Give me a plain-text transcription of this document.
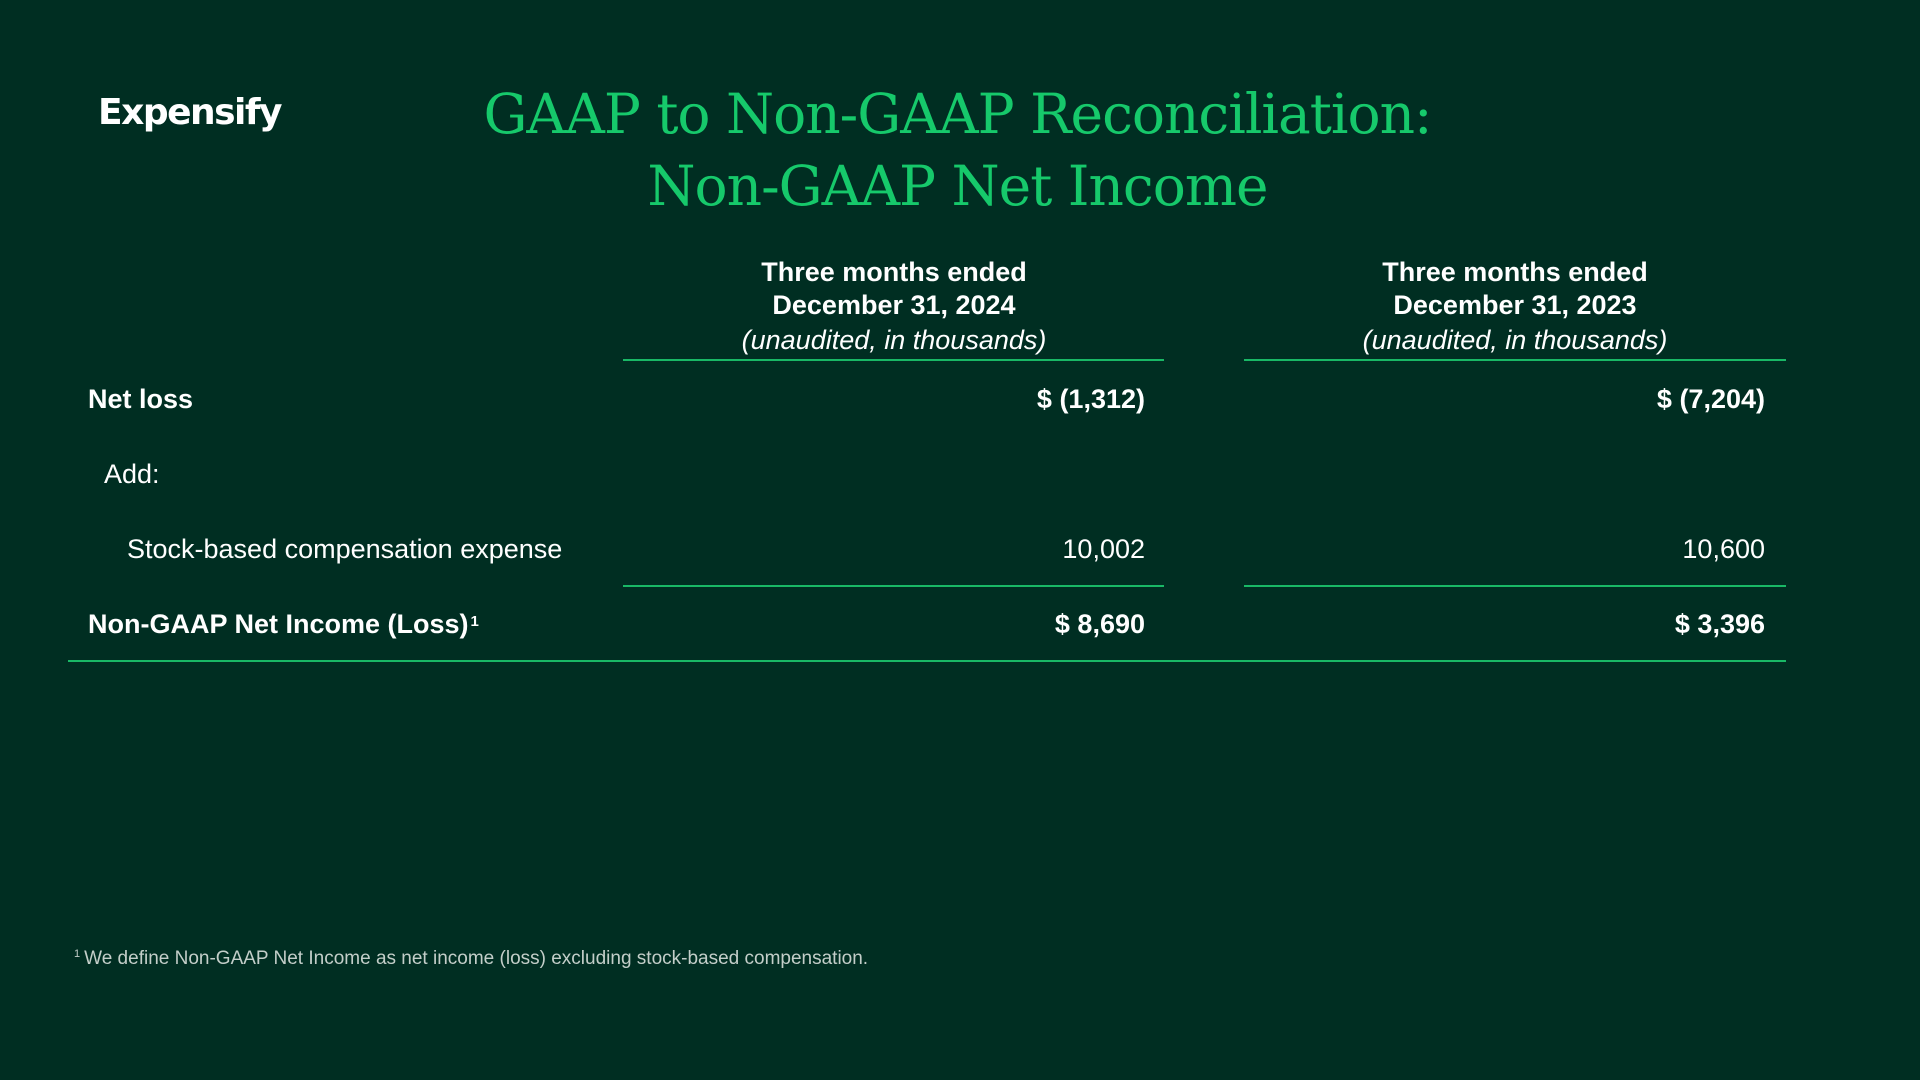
Expensify	GAAP to Non-GAAP Reconciliation:
Non-GAAP Net Income
Three months ended
December 31, 2024
(unaudited, in thousands)
Three months ended
December 31, 2023
(unaudited, in thousands)
Net loss	$ (1,312)	$ (7,204)
Add:
Stock-based compensation expense	10,002	10,600
Non-GAAP Net Income (Loss) $^1$	$ 8,690	$ 3,396
$^1$ We define Non-GAAP Net Income as net income (loss) excluding stock-based compensation.
